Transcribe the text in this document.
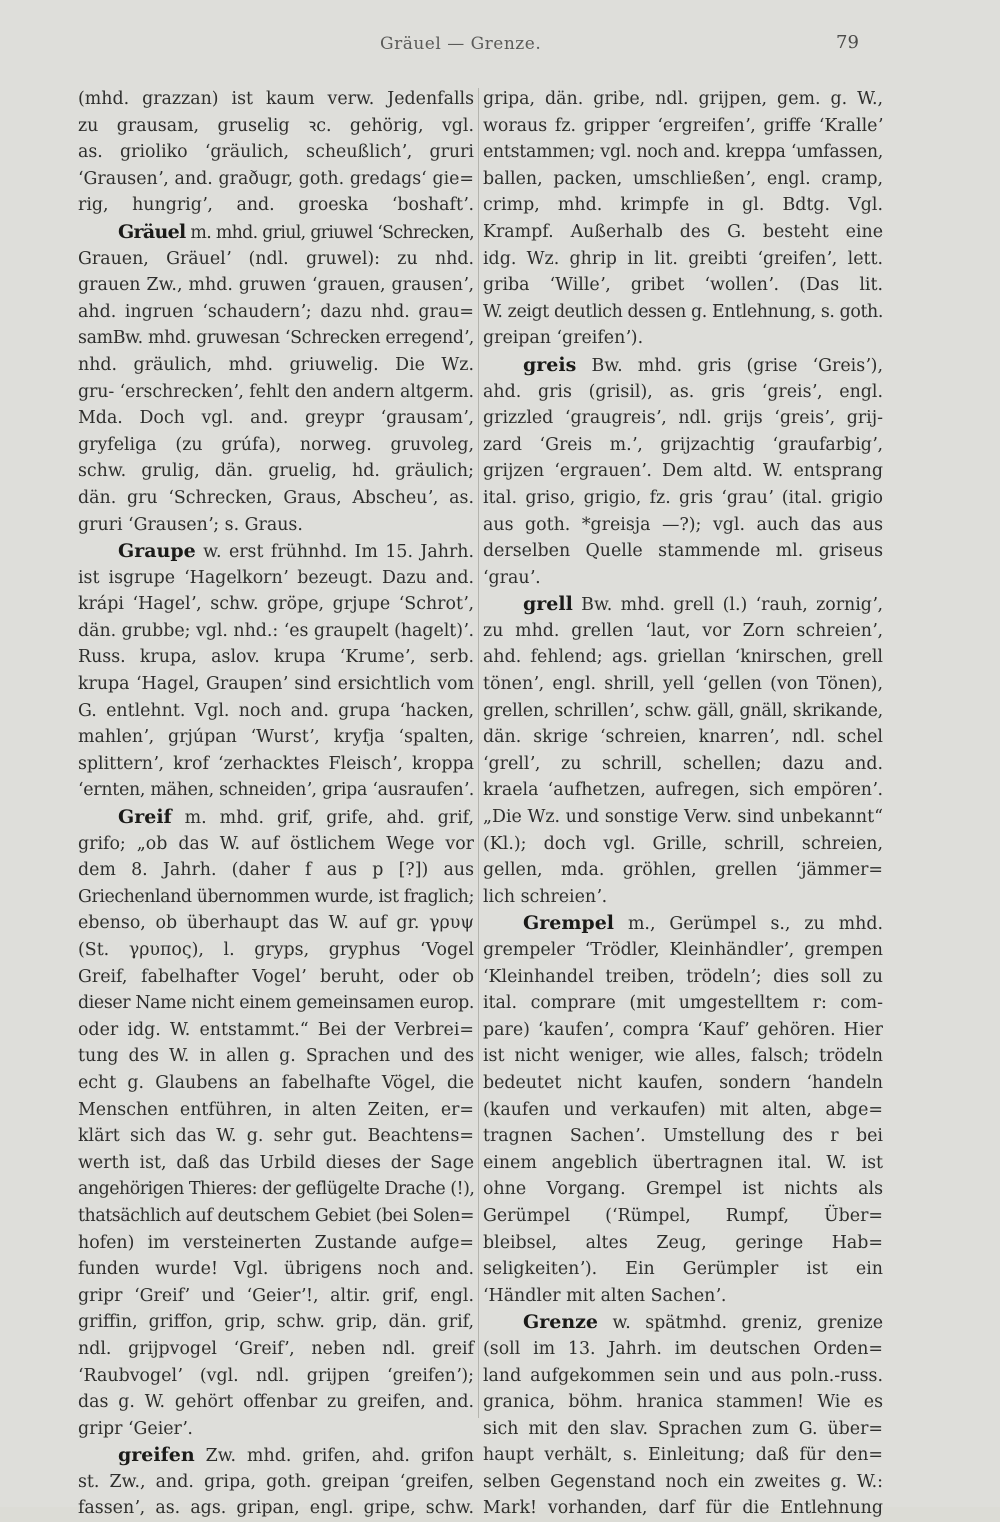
Gräuel — Grenze.	79
(mhd. grazzan) ist kaum verw. Jedenfalls
zu grausam, gruselig ꝛc. gehörig, vgl.
as. grioliko ʻgräulich, scheußlichʼ, gruri
ʻGrausenʼ, and. graðugr, goth. gredagsʻ gie=
rig, hungrigʼ, and. groeska ʻboshaftʼ.
Gräuel m. mhd. griul, griuwel ʻSchrecken,
Grauen, Gräuelʼ (ndl. gruwel): zu nhd.
grauen Zw., mhd. gruwen ʻgrauen, grausenʼ,
ahd. ingruen ʻschaudernʼ; dazu nhd. grau=
samBw. mhd. gruwesan ʻSchrecken erregendʼ,
nhd. gräulich, mhd. griuwelig. Die Wz.
gru- ʻerschreckenʼ, fehlt den andern altgerm.
Mda. Doch vgl. and. greypr ʻgrausamʼ,
gryfeliga (zu grúfa), norweg. gruvoleg,
schw. grulig, dän. gruelig, hd. gräulich;
dän. gru ʻSchrecken, Graus, Abscheuʼ, as.
gruri ʻGrausenʼ; s. Graus.
Graupe w. erst frühnhd. Im 15. Jahrh.
ist isgrupe ʻHagelkornʼ bezeugt. Dazu and.
krápi ʻHagelʼ, schw. gröpe, grjupe ʻSchrotʼ,
dän. grubbe; vgl. nhd.: ʻes graupelt (hagelt)ʼ.
Russ. krupa, aslov. krupa ʻKrumeʼ, serb.
krupa ʻHagel, Graupenʼ sind ersichtlich vom
G. entlehnt. Vgl. noch and. grupa ʻhacken,
mahlenʼ, grjúpan ʻWurstʼ, kryfja ʻspalten,
splitternʼ, krof ʻzerhacktes Fleischʼ, kroppa
ʻernten, mähen, schneidenʼ, gripa ʻausraufenʼ.
Greif m. mhd. grif, grife, ahd. grif,
grifo; „ob das W. auf östlichem Wege vor
dem 8. Jahrh. (daher f aus p [?]) aus
Griechenland übernommen wurde, ist fraglich;
ebenso, ob überhaupt das W. auf gr. γρυψ
(St. γρυπος), l. gryps, gryphus ʻVogel
Greif, fabelhafter Vogelʼ beruht, oder ob
dieser Name nicht einem gemeinsamen europ.
oder idg. W. entstammt.“ Bei der Verbrei=
tung des W. in allen g. Sprachen und des
echt g. Glaubens an fabelhafte Vögel, die
Menschen entführen, in alten Zeiten, er=
klärt sich das W. g. sehr gut. Beachtens=
werth ist, daß das Urbild dieses der Sage
angehörigen Thieres: der geflügelte Drache (!),
thatsächlich auf deutschem Gebiet (bei Solen=
hofen) im versteinerten Zustande aufge=
funden wurde! Vgl. übrigens noch and.
gripr ʻGreifʼ und ʻGeierʼ!, altir. grif, engl.
griffin, griffon, grip, schw. grip, dän. grif,
ndl. grijpvogel ʻGreifʼ, neben ndl. greif
ʻRaubvogelʼ (vgl. ndl. grijpen ʻgreifenʼ);
das g. W. gehört offenbar zu greifen, and.
gripr ʻGeierʼ.
greifen Zw. mhd. grifen, ahd. grifon
st. Zw., and. gripa, goth. greipan ʻgreifen,
fassenʼ, as. ags. gripan, engl. gripe, schw.
gripa, dän. gribe, ndl. grijpen, gem. g. W.,
woraus fz. gripper ʻergreifenʼ, griffe ʻKralleʼ
entstammen; vgl. noch and. kreppa ʻumfassen,
ballen, packen, umschließenʼ, engl. cramp,
crimp, mhd. krimpfe in gl. Bdtg. Vgl.
Krampf. Außerhalb des G. besteht eine
idg. Wz. ghrip in lit. greibti ʻgreifenʼ, lett.
griba ʻWilleʼ, gribet ʻwollenʼ. (Das lit.
W. zeigt deutlich dessen g. Entlehnung, s. goth.
greipan ʻgreifenʼ).
greis Bw. mhd. gris (grise ʻGreisʼ),
ahd. gris (grisil), as. gris ʻgreisʼ, engl.
grizzled ʻgraugreisʼ, ndl. grijs ʻgreisʼ, grij-
zard ʻGreis m.ʼ, grijzachtig ʻgraufarbigʼ,
grijzen ʻergrauenʼ. Dem altd. W. entsprang
ital. griso, grigio, fz. gris ʻgrauʼ (ital. grigio
aus goth. *greisja —?); vgl. auch das aus
derselben Quelle stammende ml. griseus
ʻgrauʼ.
grell Bw. mhd. grell (l.) ʻrauh, zornigʼ,
zu mhd. grellen ʻlaut, vor Zorn schreienʼ,
ahd. fehlend; ags. griellan ʻknirschen, grell
tönenʼ, engl. shrill, yell ʻgellen (von Tönen),
grellen, schrillenʼ, schw. gäll, gnäll, skrikande,
dän. skrige ʻschreien, knarrenʼ, ndl. schel
ʻgrellʼ, zu schrill, schellen; dazu and.
kraela ʻaufhetzen, aufregen, sich empörenʼ.
„Die Wz. und sonstige Verw. sind unbekannt“
(Kl.); doch vgl. Grille, schrill, schreien,
gellen, mda. gröhlen, grellen ʻjämmer=
lich schreienʼ.
Grempel m., Gerümpel s., zu mhd.
grempeler ʻTrödler, Kleinhändlerʼ, grempen
ʻKleinhandel treiben, trödelnʼ; dies soll zu
ital. comprare (mit umgestelltem r: com-
pare) ʻkaufenʼ, compra ʻKaufʼ gehören. Hier
ist nicht weniger, wie alles, falsch; trödeln
bedeutet nicht kaufen, sondern ʻhandeln
(kaufen und verkaufen) mit alten, abge=
tragnen Sachenʼ. Umstellung des r bei
einem angeblich übertragnen ital. W. ist
ohne Vorgang. Grempel ist nichts als
Gerümpel (ʻRümpel, Rumpf, Über=
bleibsel, altes Zeug, geringe Hab=
seligkeitenʼ). Ein Gerümpler ist ein
ʻHändler mit alten Sachenʼ.
Grenze w. spätmhd. greniz, grenize
(soll im 13. Jahrh. im deutschen Orden=
land aufgekommen sein und aus poln.-russ.
granica, böhm. hranica stammen! Wie es
sich mit den slav. Sprachen zum G. über=
haupt verhält, s. Einleitung; daß für den=
selben Gegenstand noch ein zweites g. W.:
Mark! vorhanden, darf für die Entlehnung
